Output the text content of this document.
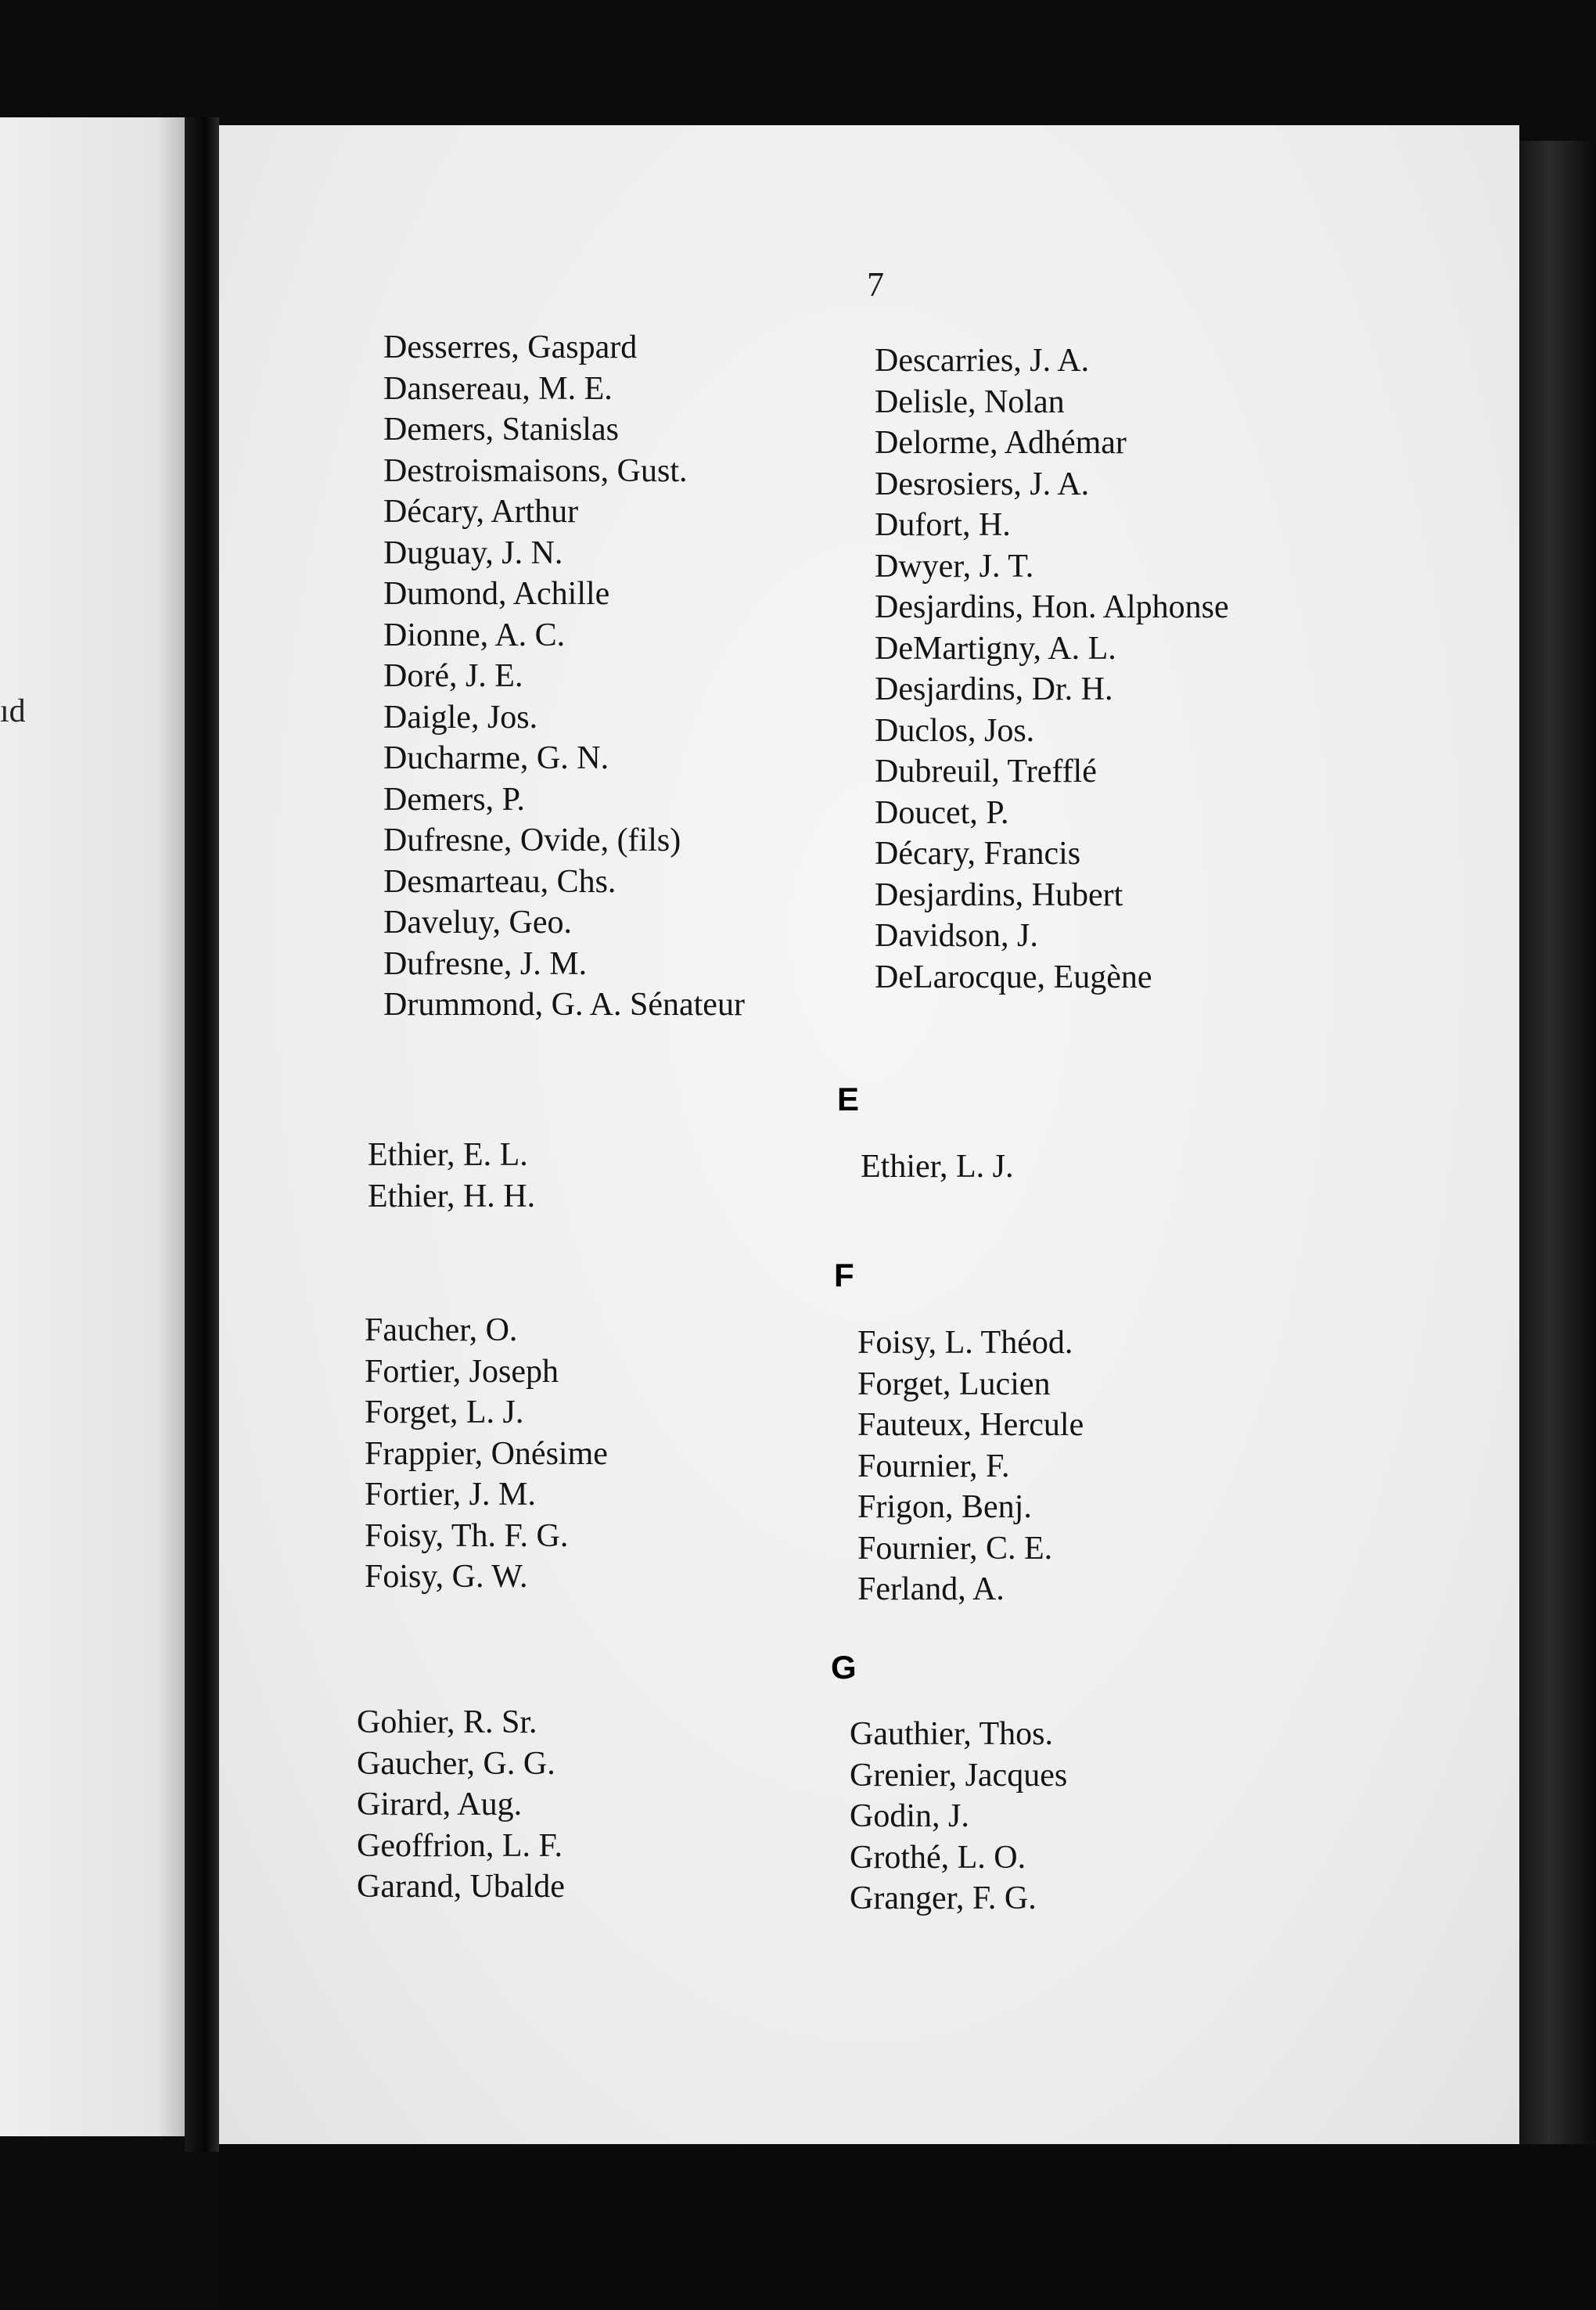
ıd
7
Desserres, Gaspard
Dansereau, M. E.
Demers, Stanislas
Destroismaisons, Gust.
Décary, Arthur
Duguay, J. N.
Dumond, Achille
Dionne, A. C.
Doré, J. E.
Daigle, Jos.
Ducharme, G. N.
Demers, P.
Dufresne, Ovide, (fils)
Desmarteau, Chs.
Daveluy, Geo.
Dufresne, J. M.
Drummond, G. A. Sénateur
Descarries, J. A.
Delisle, Nolan
Delorme, Adhémar
Desrosiers, J. A.
Dufort, H.
Dwyer, J. T.
Desjardins, Hon. Alphonse
DeMartigny, A. L.
Desjardins, Dr. H.
Duclos, Jos.
Dubreuil, Trefflé
Doucet, P.
Décary, Francis
Desjardins, Hubert
Davidson, J.
DeLarocque, Eugène
E
Ethier, E. L.
Ethier, H. H.
Ethier, L. J.
F
Faucher, O.
Fortier, Joseph
Forget, L. J.
Frappier, Onésime
Fortier, J. M.
Foisy, Th. F. G.
Foisy, G. W.
Foisy, L. Théod.
Forget, Lucien
Fauteux, Hercule
Fournier, F.
Frigon, Benj.
Fournier, C. E.
Ferland, A.
G
Gohier, R. Sr.
Gaucher, G. G.
Girard, Aug.
Geoffrion, L. F.
Garand, Ubalde
Gauthier, Thos.
Grenier, Jacques
Godin, J.
Grothé, L. O.
Granger, F. G.
